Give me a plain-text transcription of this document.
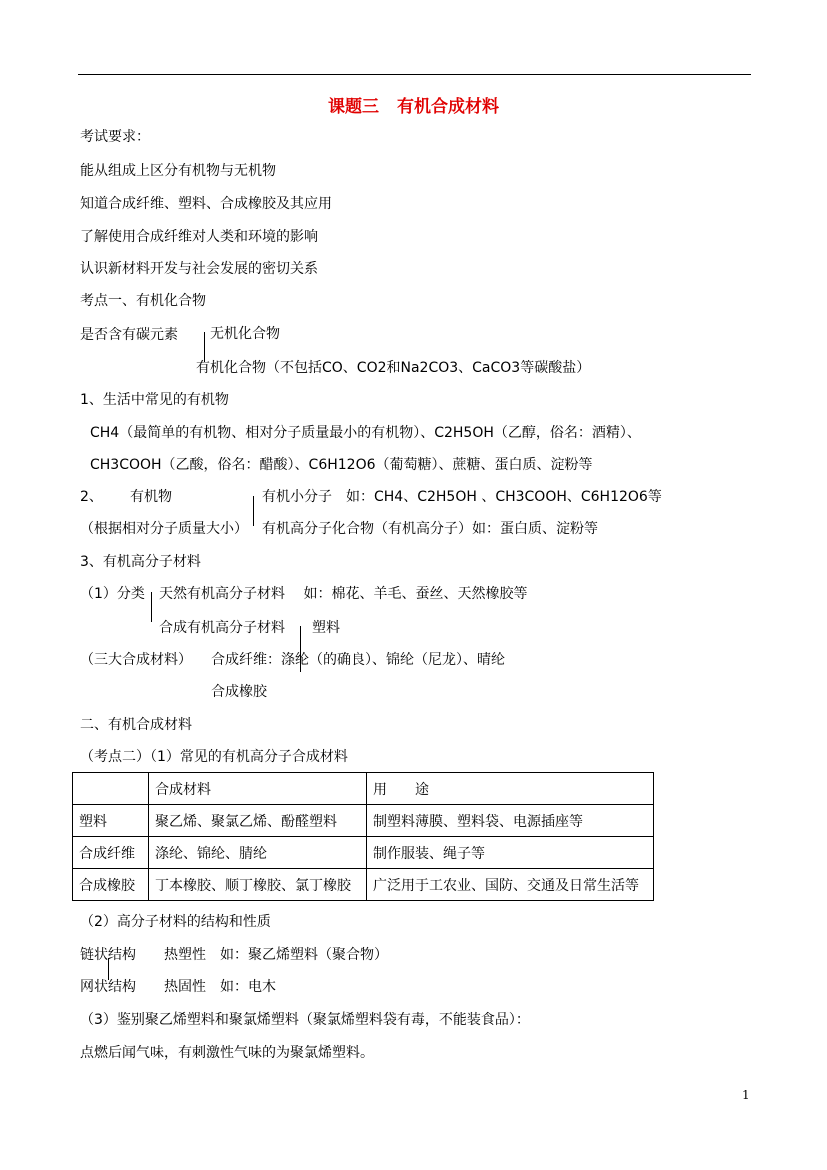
课题三 有机合成材料
考试要求：
能从组成上区分有机物与无机物
知道合成纤维、塑料、合成橡胶及其应用
了解使用合成纤维对人类和环境的影响
认识新材料开发与社会发展的密切关系
考点一、有机化合物
是否含有碳元素 无机化合物
有机化合物（不包括CO、CO2和Na2CO3、CaCO3等碳酸盐）
1、生活中常见的有机物
CH4（最简单的有机物、相对分子质量最小的有机物）、C2H5OH（乙醇，俗名：酒精）、
CH3COOH（乙酸，俗名：醋酸）、C6H12O6（葡萄糖）、蔗糖、蛋白质、淀粉等
2、 有机物
（根据相对分子质量大小）
有机小分子　如：CH4、C2H5OH 、CH3COOH、C6H12O6等
有机高分子化合物（有机高分子）如：蛋白质、淀粉等
3、有机高分子材料
（1）分类 天然有机高分子材料　 如：棉花、羊毛、蚕丝、天然橡胶等
合成有机高分子材料 塑料
（三大合成材料） 合成纤维：涤纶（的确良）、锦纶（尼龙）、晴纶
合成橡胶
二、有机合成材料
（考点二）（1）常见的有机高分子合成材料
	合成材料	用　　途
塑料	聚乙烯、聚氯乙烯、酚醛塑料	制塑料薄膜、塑料袋、电源插座等
合成纤维	涤纶、锦纶、腈纶	制作服装、绳子等
合成橡胶	丁本橡胶、顺丁橡胶、氯丁橡胶	广泛用于工农业、国防、交通及日常生活等
（2）高分子材料的结构和性质
链状结构　　热塑性　如：聚乙烯塑料（聚合物）
网状结构　　热固性　如：电木
（3）鉴别聚乙烯塑料和聚氯烯塑料（聚氯烯塑料袋有毒，不能装食品）：
点燃后闻气味，有刺激性气味的为聚氯烯塑料。
1
